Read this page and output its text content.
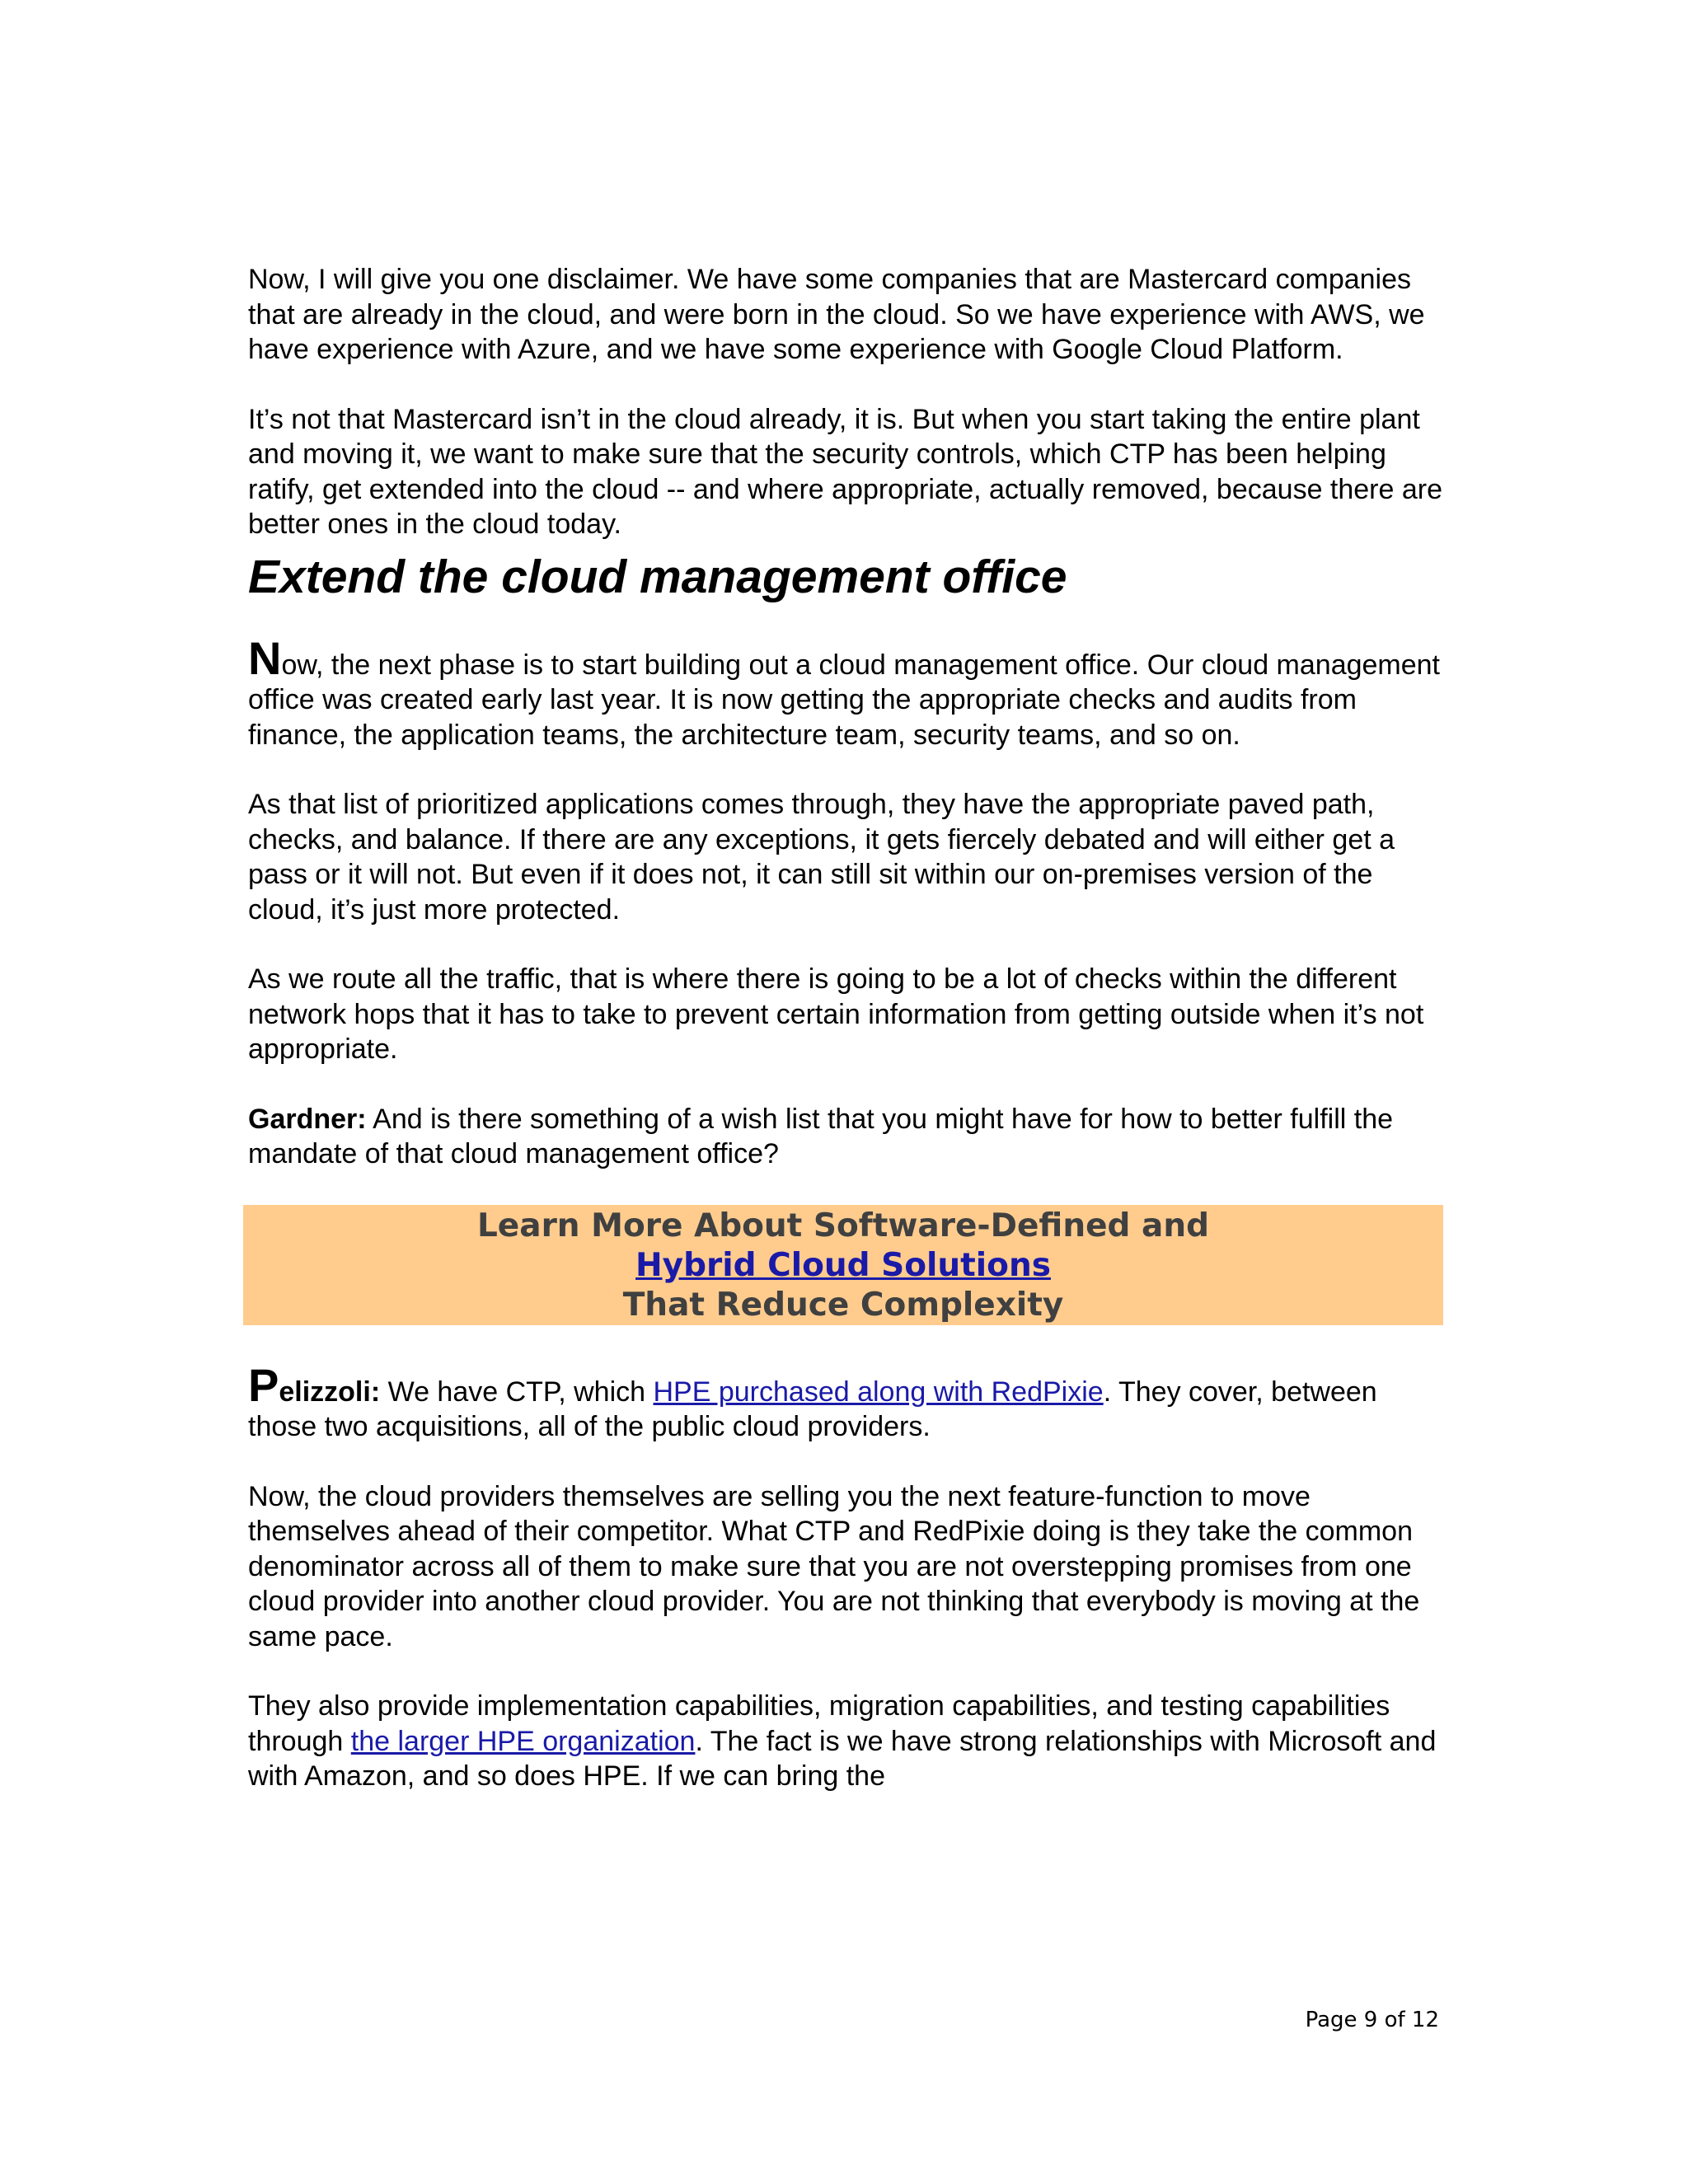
Now, I will give you one disclaimer. We have some companies that are Mastercard companies that are already in the cloud, and were born in the cloud. So we have experience with AWS, we have experience with Azure, and we have some experience with Google Cloud Platform.

It’s not that Mastercard isn’t in the cloud already, it is. But when you start taking the entire plant and moving it, we want to make sure that the security controls, which CTP has been helping ratify, get extended into the cloud -- and where appropriate, actually removed, because there are better ones in the cloud today.

Extend the cloud management office

Now, the next phase is to start building out a cloud management office. Our cloud management office was created early last year. It is now getting the appropriate checks and audits from finance, the application teams, the architecture team, security teams, and so on.

As that list of prioritized applications comes through, they have the appropriate paved path, checks, and balance. If there are any exceptions, it gets fiercely debated and will either get a pass or it will not. But even if it does not, it can still sit within our on-premises version of the cloud, it’s just more protected.

As we route all the traffic, that is where there is going to be a lot of checks within the different network hops that it has to take to prevent certain information from getting outside when it’s not appropriate.

Gardner: And is there something of a wish list that you might have for how to better fulfill the mandate of that cloud management office?

Learn More About Software-Defined and
Hybrid Cloud Solutions
That Reduce Complexity

Pelizzoli: We have CTP, which HPE purchased along with RedPixie. They cover, between those two acquisitions, all of the public cloud providers.

Now, the cloud providers themselves are selling you the next feature-function to move themselves ahead of their competitor. What CTP and RedPixie doing is they take the common denominator across all of them to make sure that you are not overstepping promises from one cloud provider into another cloud provider. You are not thinking that everybody is moving at the same pace.

They also provide implementation capabilities, migration capabilities, and testing capabilities through the larger HPE organization. The fact is we have strong relationships with Microsoft and with Amazon, and so does HPE. If we can bring the

Page 9 of 12
